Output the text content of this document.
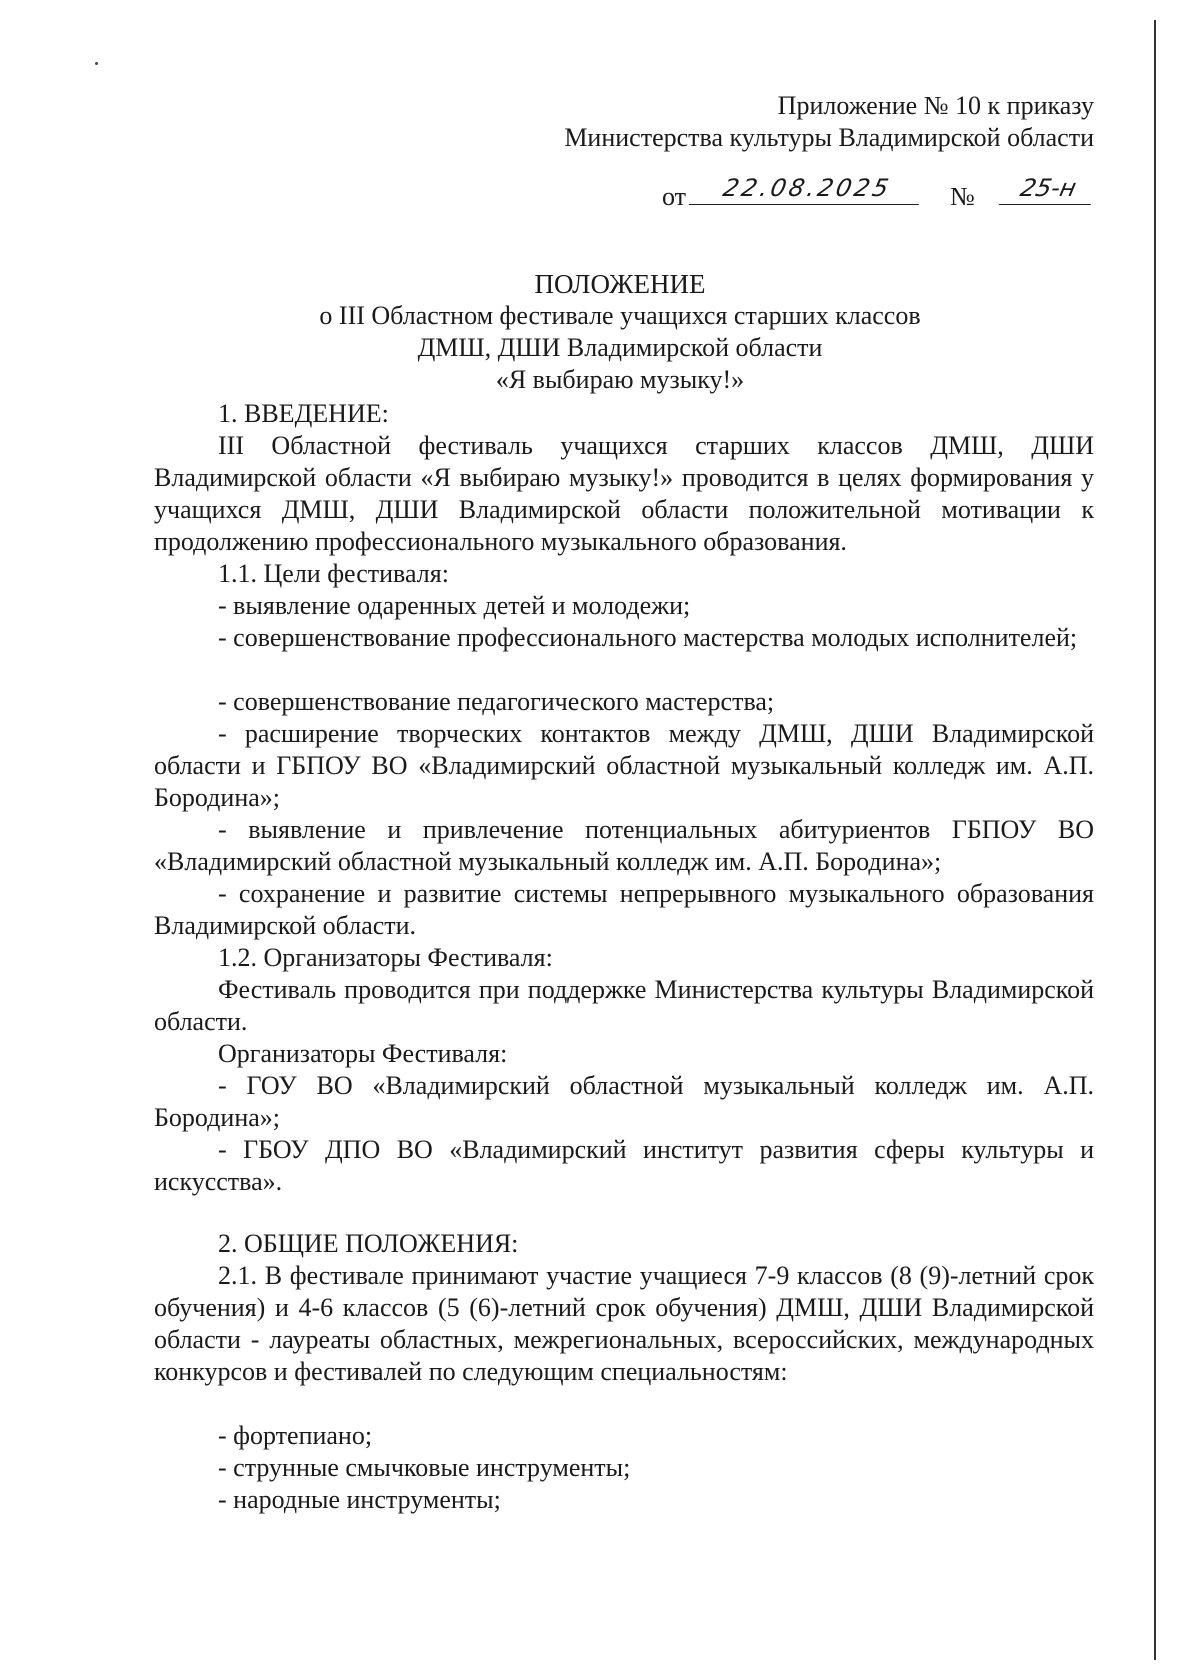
Приложение № 10 к приказу
Министерства культуры Владимирской области
от	22.08.2025	№	25-н
ПОЛОЖЕНИЕ
о III Областном фестивале учащихся старших классов
ДМШ, ДШИ Владимирской области
«Я выбираю музыку!»
1. ВВЕДЕНИЕ:
III Областной фестиваль учащихся старших классов ДМШ, ДШИ Владимирской области «Я выбираю музыку!» проводится в целях формирования у учащихся ДМШ, ДШИ Владимирской области положительной мотивации к продолжению профессионального музыкального образования.
1.1. Цели фестиваля:
- выявление одаренных детей и молодежи;
- совершенствование профессионального мастерства молодых исполнителей;
- совершенствование педагогического мастерства;
- расширение творческих контактов между ДМШ, ДШИ Владимирской области и ГБПОУ ВО «Владимирский областной музыкальный колледж им. А.П. Бородина»;
- выявление и привлечение потенциальных абитуриентов ГБПОУ ВО «Владимирский областной музыкальный колледж им. А.П. Бородина»;
- сохранение и развитие системы непрерывного музыкального образования Владимирской области.
1.2. Организаторы Фестиваля:
Фестиваль проводится при поддержке Министерства культуры Владимирской области.
Организаторы Фестиваля:
- ГОУ ВО «Владимирский областной музыкальный колледж им. А.П. Бородина»;
- ГБОУ ДПО ВО «Владимирский институт развития сферы культуры и искусства».
2. ОБЩИЕ ПОЛОЖЕНИЯ:
2.1. В фестивале принимают участие учащиеся 7-9 классов (8 (9)-летний срок обучения) и 4-6 классов (5 (6)-летний срок обучения) ДМШ, ДШИ Владимирской области - лауреаты областных, межрегиональных, всероссийских, международных конкурсов и фестивалей по следующим специальностям:
- фортепиано;
- струнные смычковые инструменты;
- народные инструменты;
